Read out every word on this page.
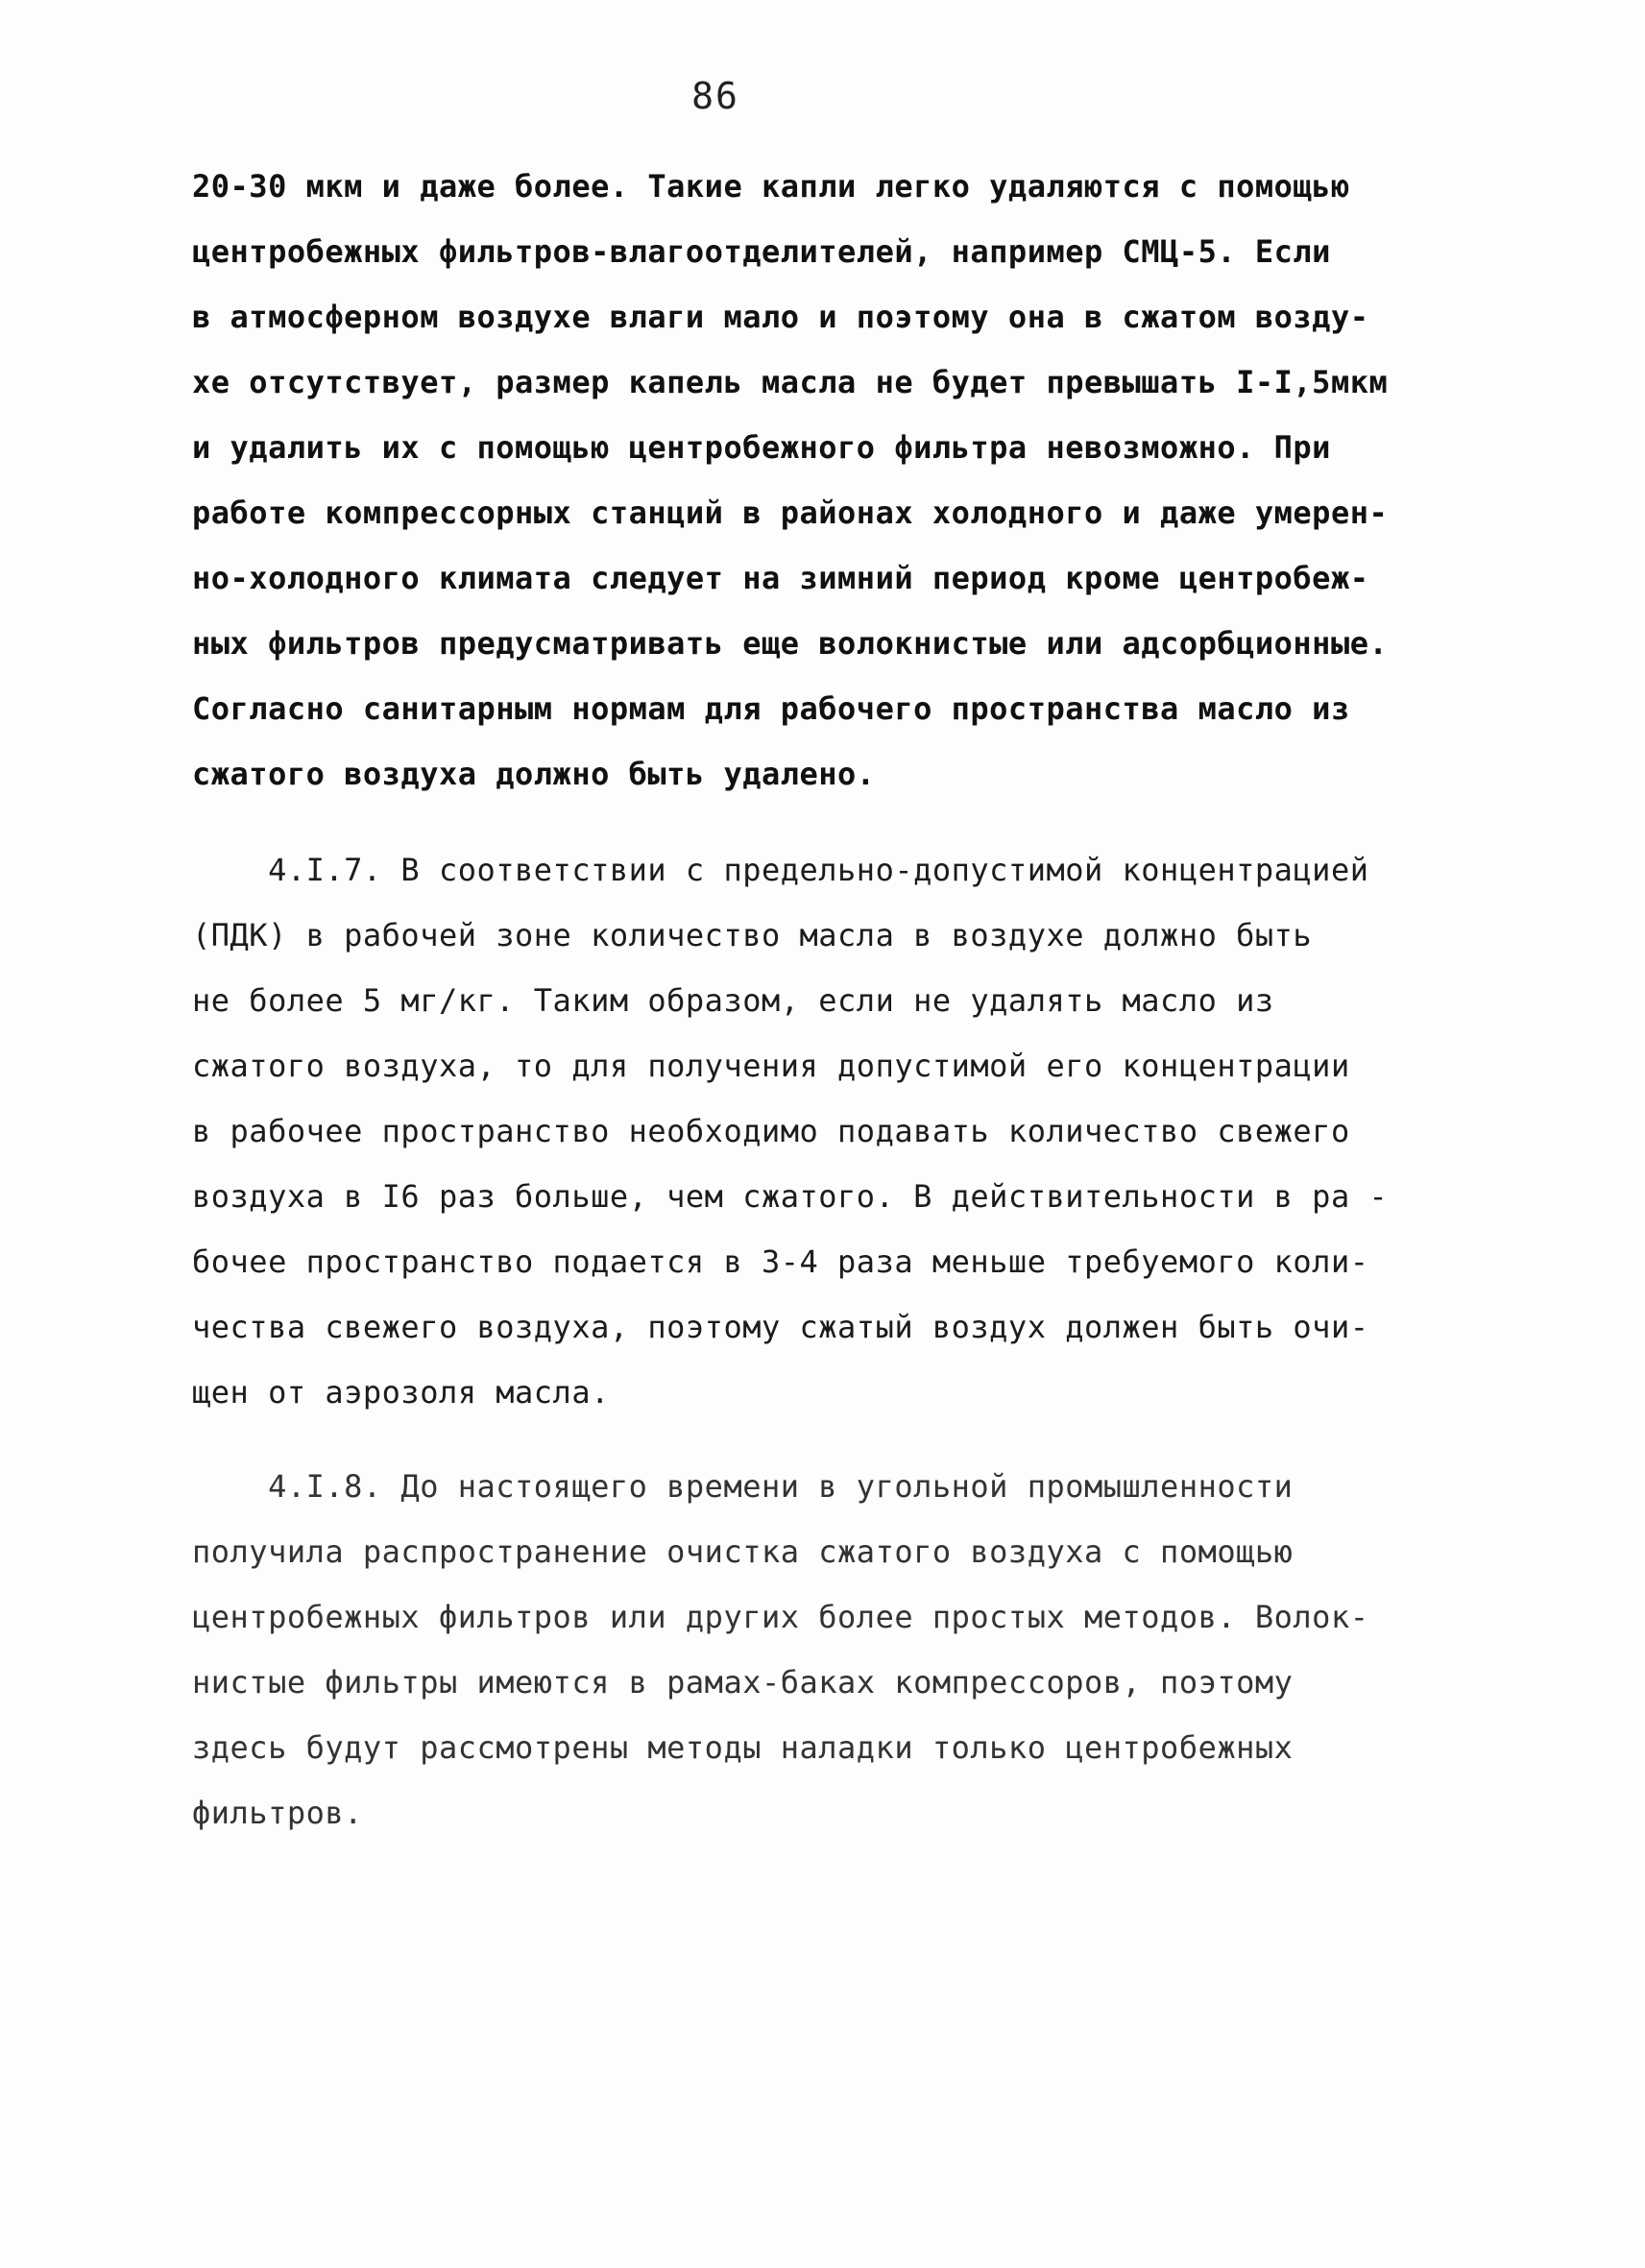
86
20-30 мкм и даже более. Такие капли легко удаляются с помощью
центробежных фильтров-влагоотделителей, например СМЦ-5. Если
в атмосферном воздухе влаги мало и поэтому она в сжатом возду-
хе отсутствует, размер капель масла не будет превышать I-I,5мкм
и удалить их с помощью центробежного фильтра невозможно. При
работе компрессорных станций в районах холодного и даже умерен-
но-холодного климата следует на зимний период кроме центробеж-
ных фильтров предусматривать еще волокнистые или адсорбционные.
Согласно санитарным нормам для рабочего пространства масло из
сжатого воздуха должно быть удалено.
4.I.7. В соответствии с предельно-допустимой концентрацией
(ПДК) в рабочей зоне количество масла в воздухе должно быть
не более 5 мг/кг. Таким образом, если не удалять масло из
сжатого воздуха, то для получения допустимой его концентрации
в рабочее пространство необходимо подавать количество свежего
воздуха в I6 раз больше, чем сжатого. В действительности в ра -
бочее пространство подается в 3-4 раза меньше требуемого коли-
чества свежего воздуха, поэтому сжатый воздух должен быть очи-
щен от аэрозоля масла.
4.I.8. До настоящего времени в угольной промышленности
получила распространение очистка сжатого воздуха с помощью
центробежных фильтров или других более простых методов. Волок-
нистые фильтры имеются в рамах-баках компрессоров, поэтому
здесь будут рассмотрены методы наладки только центробежных
фильтров.
